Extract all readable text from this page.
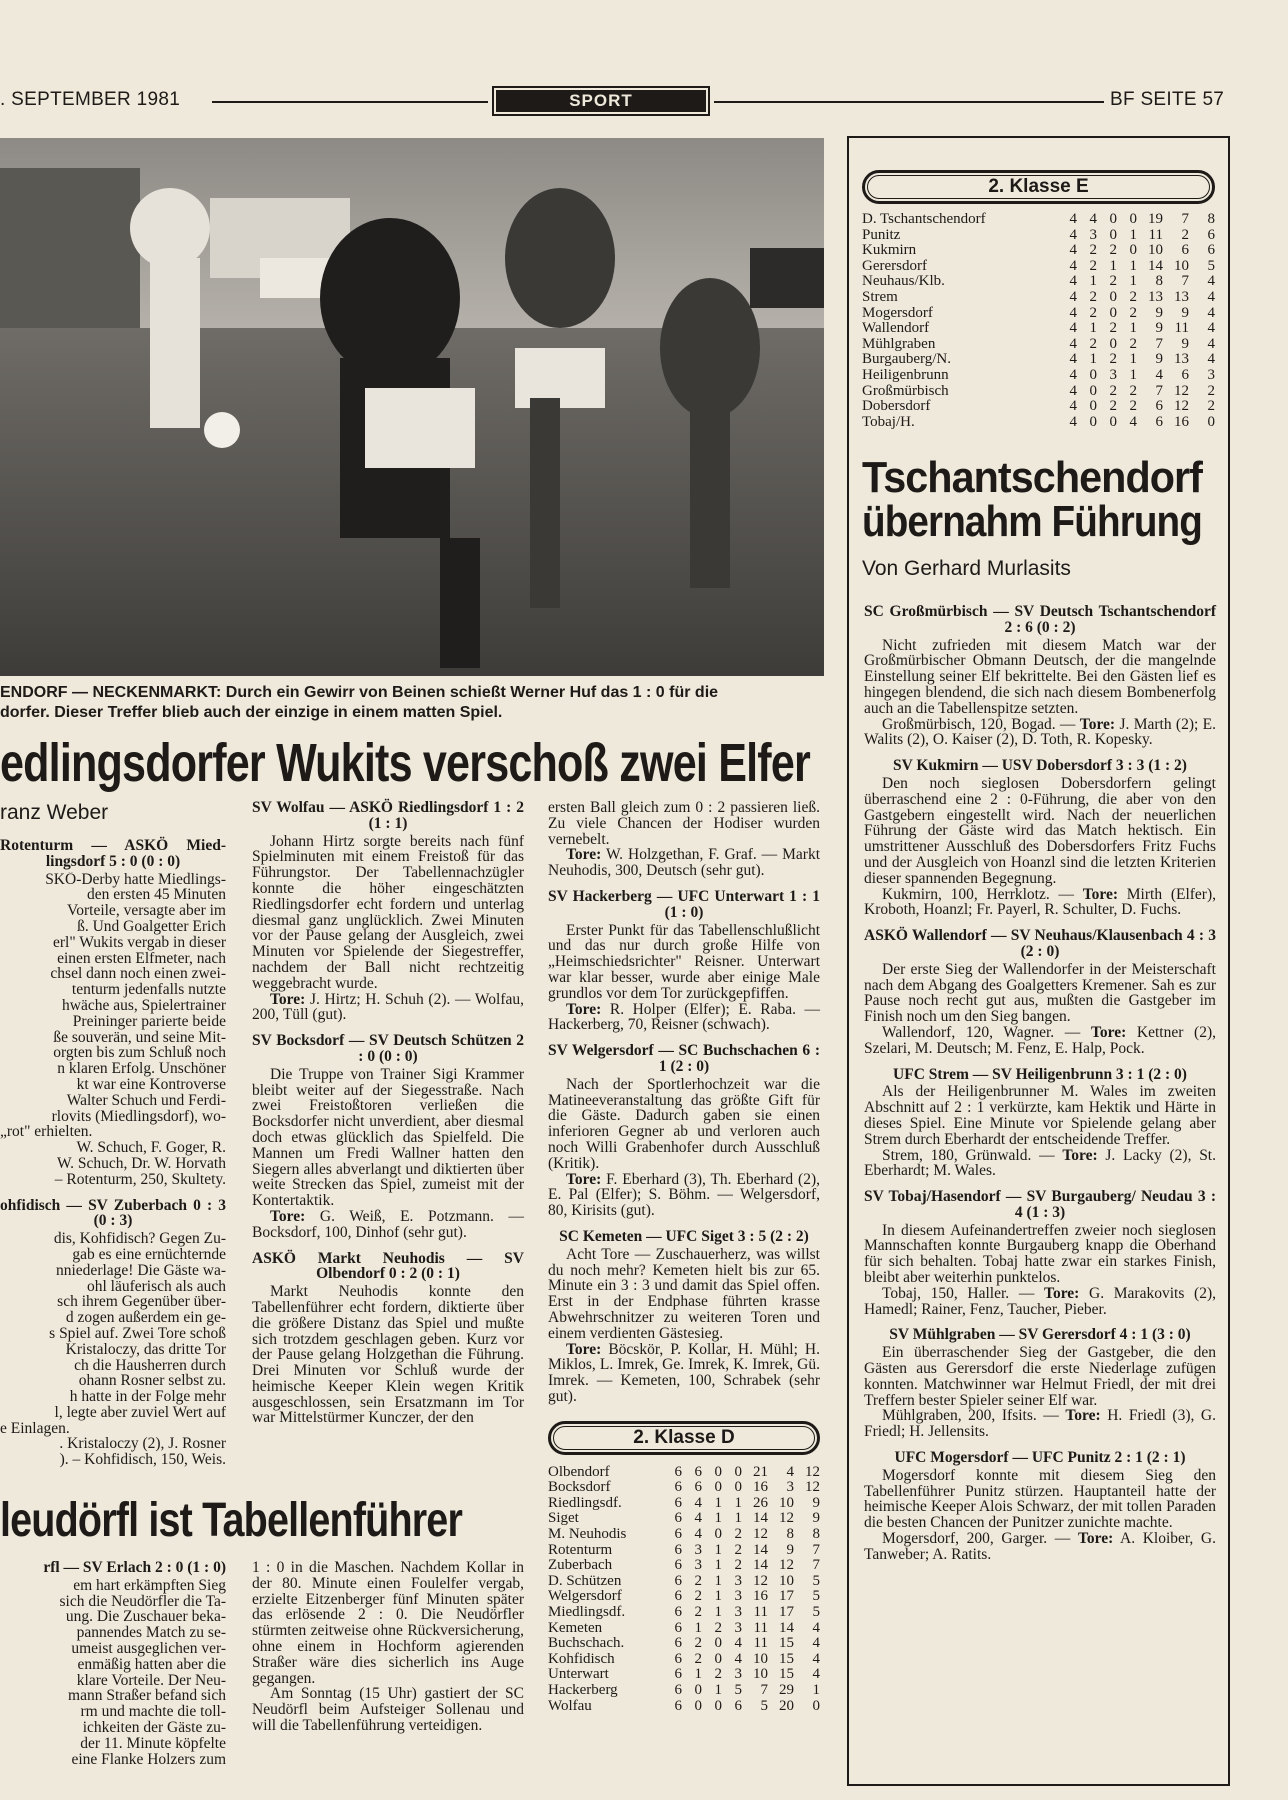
. SEPTEMBER 1981	SPORT	BF SEITE 57
ENDORF — NECKENMARKT: Durch ein Gewirr von Beinen schießt Werner Huf das 1 : 0 für die
dorfer. Dieser Treffer blieb auch der einzige in einem matten Spiel.
edlingsdorfer Wukits verschoß zwei Elfer
ranz Weber
Rotenturm — ASKÖ Mied-lingsdorf 5 : 0 (0 : 0)
SKÖ-Derby hatte Miedlings-
den ersten 45 Minuten
Vorteile, versagte aber im
ß. Und Goalgetter Erich
erl" Wukits vergab in dieser
einen ersten Elfmeter, nach
chsel dann noch einen zwei-
tenturm jedenfalls nutzte
hwäche aus, Spielertrainer
Preininger parierte beide
ße souverän, und seine Mit-
orgten bis zum Schluß noch
n klaren Erfolg. Unschöner
kt war eine Kontroverse
Walter Schuch und Ferdi-
rlovits (Miedlingsdorf), wo-
„rot" erhielten.
W. Schuch, F. Goger, R.
W. Schuch, Dr. W. Horvath
– Rotenturm, 250, Skultety.
ohfidisch — SV Zuberbach 0 : 3 (0 : 3)
dis, Kohfidisch? Gegen Zu-
gab es eine ernüchternde
nniederlage! Die Gäste wa-
ohl läuferisch als auch
sch ihrem Gegenüber über-
d zogen außerdem ein ge-
s Spiel auf. Zwei Tore schoß
Kristaloczy, das dritte Tor
ch die Hausherren durch
ohann Rosner selbst zu.
h hatte in der Folge mehr
l, legte aber zuviel Wert auf
e Einlagen.
. Kristaloczy (2), J. Rosner
). – Kohfidisch, 150, Weis.
SV Wolfau — ASKÖ Riedlingsdorf 1 : 2 (1 : 1)

Johann Hirtz sorgte bereits nach fünf Spielminuten mit einem Freistoß für das Führungstor. Der Tabellennachzügler konnte die höher eingeschätzten Riedlingsdorfer echt fordern und unterlag diesmal ganz unglücklich. Zwei Minuten vor der Pause gelang der Ausgleich, zwei Minuten vor Spielende der Siegestreffer, nachdem der Ball nicht rechtzeitig weggebracht wurde.

Tore: J. Hirtz; H. Schuh (2). — Wolfau, 200, Tüll (gut).

SV Bocksdorf — SV Deutsch Schützen 2 : 0 (0 : 0)

Die Truppe von Trainer Sigi Krammer bleibt weiter auf der Siegesstraße. Nach zwei Freistoßtoren verließen die Bocksdorfer nicht unverdient, aber diesmal doch etwas glücklich das Spielfeld. Die Mannen um Fredi Wallner hatten den Siegern alles abverlangt und diktierten über weite Strecken das Spiel, zumeist mit der Kontertaktik.

Tore: G. Weiß, E. Potzmann. — Bocksdorf, 100, Dinhof (sehr gut).

ASKÖ Markt Neuhodis — SV Olbendorf 0 : 2 (0 : 1)

Markt Neuhodis konnte den Tabellenführer echt fordern, diktierte über die größere Distanz das Spiel und mußte sich trotzdem geschlagen geben. Kurz vor der Pause gelang Holzgethan die Führung. Drei Minuten vor Schluß wurde der heimische Keeper Klein wegen Kritik ausgeschlossen, sein Ersatzmann im Tor war Mittelstürmer Kunczer, der den

ersten Ball gleich zum 0 : 2 passieren ließ. Zu viele Chancen der Hodiser wurden vernebelt.

Tore: W. Holzgethan, F. Graf. — Markt Neuhodis, 300, Deutsch (sehr gut).

SV Hackerberg — UFC Unterwart 1 : 1 (1 : 0)

Erster Punkt für das Tabellenschlußlicht und das nur durch große Hilfe von „Heimschiedsrichter" Reisner. Unterwart war klar besser, wurde aber einige Male grundlos vor dem Tor zurückgepfiffen.

Tore: R. Holper (Elfer); E. Raba. — Hackerberg, 70, Reisner (schwach).

SV Welgersdorf — SC Buchschachen 6 : 1 (2 : 0)

Nach der Sportlerhochzeit war die Matineeveranstaltung das größte Gift für die Gäste. Dadurch gaben sie einen inferioren Gegner ab und verloren auch noch Willi Grabenhofer durch Ausschluß (Kritik).

Tore: F. Eberhard (3), Th. Eberhard (2), E. Pal (Elfer); S. Böhm. — Welgersdorf, 80, Kirisits (gut).

SC Kemeten — UFC Siget 3 : 5 (2 : 2)

Acht Tore — Zuschauerherz, was willst du noch mehr? Kemeten hielt bis zur 65. Minute ein 3 : 3 und damit das Spiel offen. Erst in der Endphase führten krasse Abwehrschnitzer zu weiteren Toren und einem verdienten Gästesieg.

Tore: Böcskör, P. Kollar, H. Mühl; H. Miklos, L. Imrek, Ge. Imrek, K. Imrek, Gü. Imrek. — Kemeten, 100, Schrabek (sehr gut).

2. Klasse D
Olbendorf	6	6	0	0	21	4	12
Bocksdorf	6	6	0	0	16	3	12
Riedlingsdf.	6	4	1	1	26	10	9
Siget	6	4	1	1	14	12	9
M. Neuhodis	6	4	0	2	12	8	8
Rotenturm	6	3	1	2	14	9	7
Zuberbach	6	3	1	2	14	12	7
D. Schützen	6	2	1	3	12	10	5
Welgersdorf	6	2	1	3	16	17	5
Miedlingsdf.	6	2	1	3	11	17	5
Kemeten	6	1	2	3	11	14	4
Buchschach.	6	2	0	4	11	15	4
Kohfidisch	6	2	0	4	10	15	4
Unterwart	6	1	2	3	10	15	4
Hackerberg	6	0	1	5	7	29	1
Wolfau	6	0	0	6	5	20	0
leudörfl ist Tabellenführer
rfl — SV Erlach 2 : 0 (1 : 0)
em hart erkämpften Sieg
sich die Neudörfler die Ta-
ung. Die Zuschauer beka-
pannendes Match zu se-
umeist ausgeglichen ver-
enmäßig hatten aber die
klare Vorteile. Der Neu-
mann Straßer befand sich
rm und machte die toll-
ichkeiten der Gäste zu-
der 11. Minute köpfelte
eine Flanke Holzers zum

1 : 0 in die Maschen. Nachdem Kollar in der 80. Minute einen Foulelfer vergab, erzielte Eitzenberger fünf Minuten später das erlösende 2 : 0. Die Neudörfler stürmten zeitweise ohne Rückversicherung, ohne einem in Hochform agierenden Straßer wäre dies sicherlich ins Auge gegangen.

Am Sonntag (15 Uhr) gastiert der SC Neudörfl beim Aufsteiger Sollenau und will die Tabellenführung verteidigen.

2. Klasse E
D. Tschantschendorf	4	4	0	0	19	7	8
Punitz	4	3	0	1	11	2	6
Kukmirn	4	2	2	0	10	6	6
Gerersdorf	4	2	1	1	14	10	5
Neuhaus/Klb.	4	1	2	1	8	7	4
Strem	4	2	0	2	13	13	4
Mogersdorf	4	2	0	2	9	9	4
Wallendorf	4	1	2	1	9	11	4
Mühlgraben	4	2	0	2	7	9	4
Burgauberg/N.	4	1	2	1	9	13	4
Heiligenbrunn	4	0	3	1	4	6	3
Großmürbisch	4	0	2	2	7	12	2
Dobersdorf	4	0	2	2	6	12	2
Tobaj/H.	4	0	0	4	6	16	0
Tschantschendorf
übernahm Führung
Von Gerhard Murlasits
SC Großmürbisch — SV Deutsch Tschantschendorf 2 : 6 (0 : 2)

Nicht zufrieden mit diesem Match war der Großmürbischer Obmann Deutsch, der die mangelnde Einstellung seiner Elf bekrittelte. Bei den Gästen lief es hingegen blendend, die sich nach diesem Bombenerfolg auch an die Tabellenspitze setzten.

Großmürbisch, 120, Bogad. — Tore: J. Marth (2); E. Walits (2), O. Kaiser (2), D. Toth, R. Kopesky.

SV Kukmirn — USV Dobersdorf 3 : 3 (1 : 2)

Den noch sieglosen Dobersdorfern gelingt überraschend eine 2 : 0-Führung, die aber von den Gastgebern eingestellt wird. Nach der neuerlichen Führung der Gäste wird das Match hektisch. Ein umstrittener Ausschluß des Dobersdorfers Fritz Fuchs und der Ausgleich von Hoanzl sind die letzten Kriterien dieser spannenden Begegnung.

Kukmirn, 100, Herrklotz. — Tore: Mirth (Elfer), Kroboth, Hoanzl; Fr. Payerl, R. Schulter, D. Fuchs.

ASKÖ Wallendorf — SV Neuhaus/Klausenbach 4 : 3 (2 : 0)

Der erste Sieg der Wallendorfer in der Meisterschaft nach dem Abgang des Goalgetters Kremener. Sah es zur Pause noch recht gut aus, mußten die Gastgeber im Finish noch um den Sieg bangen.

Wallendorf, 120, Wagner. — Tore: Kettner (2), Szelari, M. Deutsch; M. Fenz, E. Halp, Pock.

UFC Strem — SV Heiligenbrunn 3 : 1 (2 : 0)

Als der Heiligenbrunner M. Wales im zweiten Abschnitt auf 2 : 1 verkürzte, kam Hektik und Härte in dieses Spiel. Eine Minute vor Spielende gelang aber Strem durch Eberhardt der entscheidende Treffer.

Strem, 180, Grünwald. — Tore: J. Lacky (2), St. Eberhardt; M. Wales.

SV Tobaj/Hasendorf — SV Burgauberg/ Neudau 3 : 4 (1 : 3)

In diesem Aufeinandertreffen zweier noch sieglosen Mannschaften konnte Burgauberg knapp die Oberhand für sich behalten. Tobaj hatte zwar ein starkes Finish, bleibt aber weiterhin punktelos.

Tobaj, 150, Haller. — Tore: G. Marakovits (2), Hamedl; Rainer, Fenz, Taucher, Pieber.

SV Mühlgraben — SV Gerersdorf 4 : 1 (3 : 0)

Ein überraschender Sieg der Gastgeber, die den Gästen aus Gerersdorf die erste Niederlage zufügen konnten. Matchwinner war Helmut Friedl, der mit drei Treffern bester Spieler seiner Elf war.

Mühlgraben, 200, Ifsits. — Tore: H. Friedl (3), G. Friedl; H. Jellensits.

UFC Mogersdorf — UFC Punitz 2 : 1 (2 : 1)

Mogersdorf konnte mit diesem Sieg den Tabellenführer Punitz stürzen. Hauptanteil hatte der heimische Keeper Alois Schwarz, der mit tollen Paraden die besten Chancen der Punitzer zunichte machte.

Mogersdorf, 200, Garger. — Tore: A. Kloiber, G. Tanweber; A. Ratits.
